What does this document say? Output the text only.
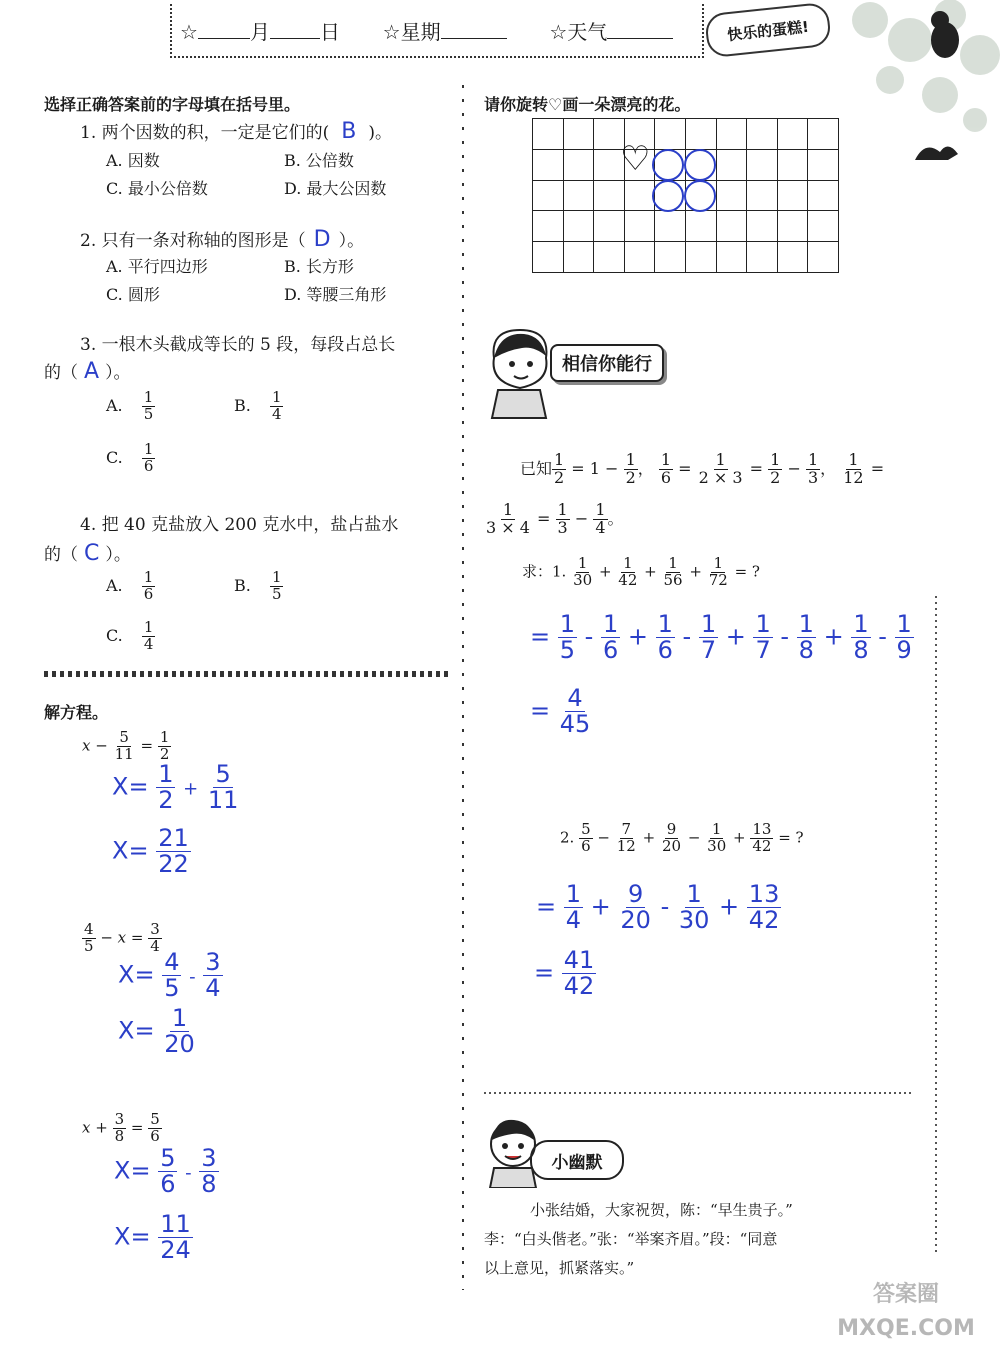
☆	月	日 ☆星期	☆天气	快乐的蛋糕!
选择正确答案前的字母填在括号里。
1. 两个因数的积，一定是它们的( B )。
A. 因数	B. 公倍数
C. 最小公倍数	D. 最大公因数
2. 只有一条对称轴的图形是（ D ）。
A. 平行四边形	B. 长方形
C. 圆形	D. 等腰三角形
3. 一根木头截成等长的 5 段，每段占总长
的（ A ）。
A. $\frac{1}{5}$	B. $\frac{1}{4}$
C. $\frac{1}{6}$
4. 把 40 克盐放入 200 克水中，盐占盐水
的（ C ）。
A. $\frac{1}{6}$	B. $\frac{1}{5}$
C. $\frac{1}{4}$
解方程。
$x - \frac{5}{11} = \frac{1}{2}$
$X= \frac{1}{2} + \frac{5}{11}$
$X= \frac{21}{22}$
$\frac{4}{5} - x = \frac{3}{4}$
$X= \frac{4}{5} - \frac{3}{4}$
$X= \frac{1}{20}$
$x + \frac{3}{8} = \frac{5}{6}$
$X= \frac{5}{6} - \frac{3}{8}$
$X= \frac{11}{24}$
请你旋转♡画一朵漂亮的花。
♡
相信你能行
已知 $\frac{1}{2} = 1 - \frac{1}{2}$ ， $\frac{1}{6} = \frac{1}{2 \times 3} = \frac{1}{2} - \frac{1}{3}$ ， $\frac{1}{12}$ =
$\frac{1}{3 \times 4} = \frac{1}{3} - \frac{1}{4}$ 。
求：1. $\frac{1}{30} + \frac{1}{42} + \frac{1}{56} + \frac{1}{72}$ = ?
= $\frac{1}{5} - \frac{1}{6} + \frac{1}{6} - \frac{1}{7} + \frac{1}{7} - \frac{1}{8} + \frac{1}{8} - \frac{1}{9}$
= $\frac{4}{45}$
2. $\frac{5}{6} - \frac{7}{12} + \frac{9}{20} - \frac{1}{30} + \frac{13}{42}$ = ?
= $\frac{1}{4} + \frac{9}{20} - \frac{1}{30} + \frac{13}{42}$
= $\frac{41}{42}$
小幽默
小张结婚，大家祝贺，陈：“早生贵子。”
李：“白头偕老。”张：“举案齐眉。”段：“同意
以上意见，抓紧落实。”
答案圈 MXQE.COM
